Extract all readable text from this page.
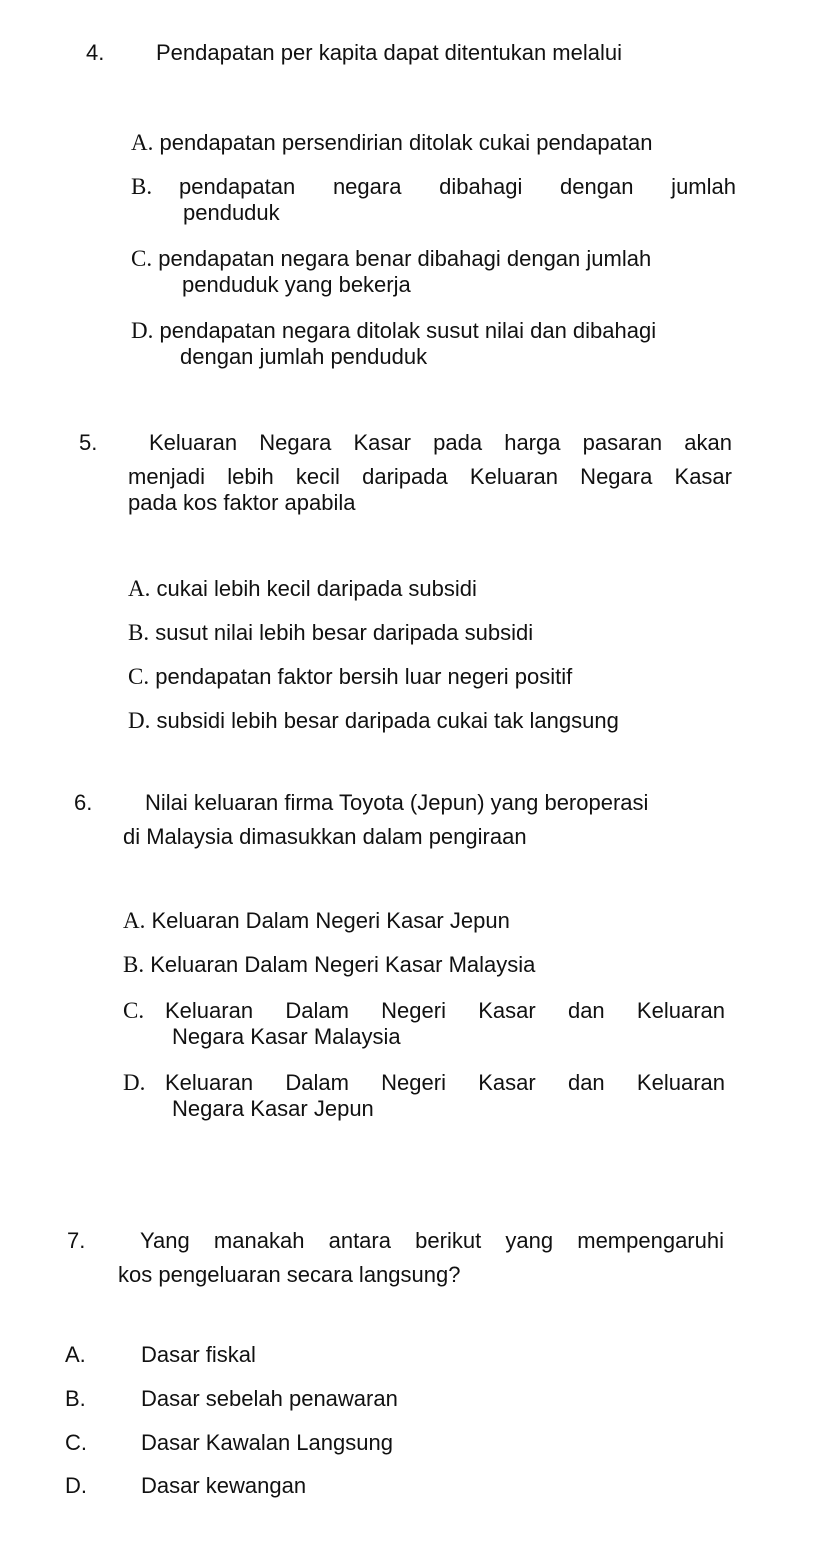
4. Pendapatan per kapita dapat ditentukan melalui
A. pendapatan persendirian ditolak cukai pendapatan
B.	pendapatan  negara  dibahagi  dengan  jumlah
penduduk
C. pendapatan negara benar dibahagi dengan jumlah
penduduk yang bekerja
D. pendapatan negara ditolak susut nilai dan dibahagi
dengan jumlah penduduk
5. Keluaran Negara Kasar pada harga pasaran akan
menjadi lebih kecil daripada Keluaran Negara Kasar
pada kos faktor apabila
A. cukai lebih kecil daripada subsidi
B. susut nilai lebih besar daripada subsidi
C. pendapatan faktor bersih luar negeri positif
D. subsidi lebih besar daripada cukai tak langsung
6. Nilai keluaran firma Toyota (Jepun) yang beroperasi
di Malaysia dimasukkan dalam pengiraan
A. Keluaran Dalam Negeri Kasar Jepun
B. Keluaran Dalam Negeri Kasar Malaysia
C. Keluaran  Dalam  Negeri  Kasar  dan  Keluaran
Negara Kasar Malaysia
D. Keluaran  Dalam  Negeri  Kasar  dan  Keluaran
Negara Kasar Jepun
7. Yang manakah antara berikut yang mempengaruhi
kos pengeluaran secara langsung?
A.	Dasar fiskal
B.	Dasar sebelah penawaran
C. Dasar Kawalan Langsung
D. Dasar kewangan
